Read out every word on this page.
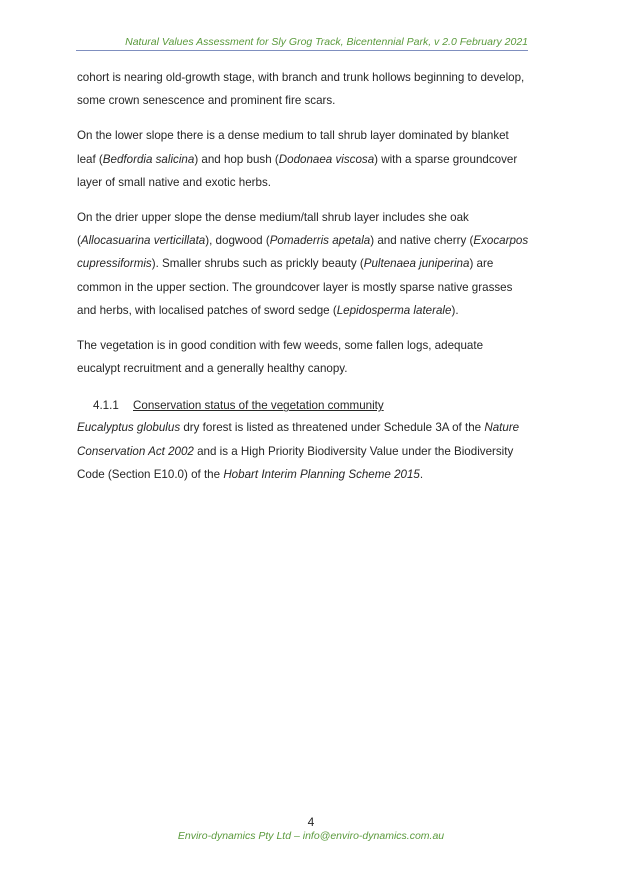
Natural Values Assessment for Sly Grog Track, Bicentennial Park, v 2.0 February 2021

cohort is nearing old-growth stage, with branch and trunk hollows beginning to develop, some crown senescence and prominent fire scars.

On the lower slope there is a dense medium to tall shrub layer dominated by blanket leaf (Bedfordia salicina) and hop bush (Dodonaea viscosa) with a sparse groundcover layer of small native and exotic herbs.

On the drier upper slope the dense medium/tall shrub layer includes she oak (Allocasuarina verticillata), dogwood (Pomaderris apetala) and native cherry (Exocarpos cupressiformis). Smaller shrubs such as prickly beauty (Pultenaea juniperina) are common in the upper section. The groundcover layer is mostly sparse native grasses and herbs, with localised patches of sword sedge (Lepidosperma laterale).

The vegetation is in good condition with few weeds, some fallen logs, adequate eucalypt recruitment and a generally healthy canopy.

4.1.1 Conservation status of the vegetation community

Eucalyptus globulus dry forest is listed as threatened under Schedule 3A of the Nature Conservation Act 2002 and is a High Priority Biodiversity Value under the Biodiversity Code (Section E10.0) of the Hobart Interim Planning Scheme 2015.

4
Enviro-dynamics Pty Ltd – info@enviro-dynamics.com.au
